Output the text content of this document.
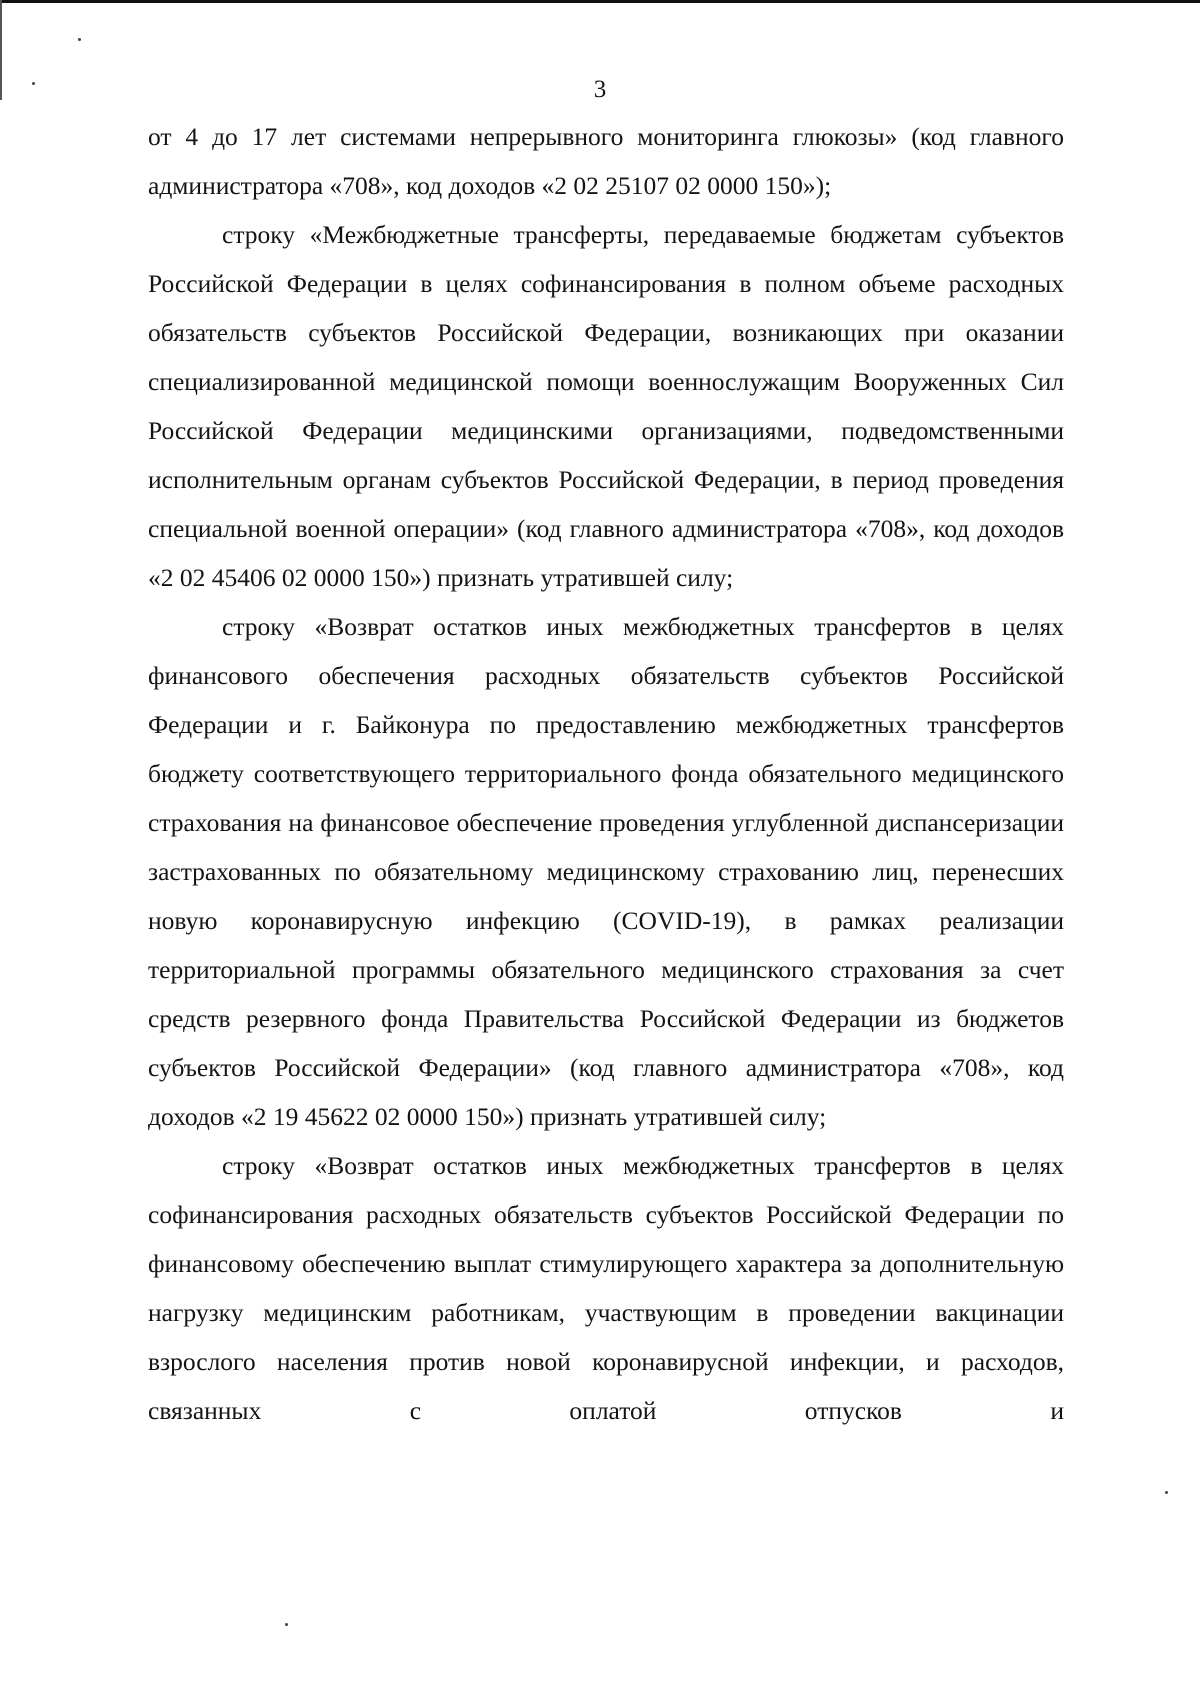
3

от 4 до 17 лет системами непрерывного мониторинга глюкозы» (код главного администратора «708», код доходов «2 02 25107 02 0000 150»);

строку «Межбюджетные трансферты, передаваемые бюджетам субъектов Российской Федерации в целях софинансирования в полном объеме расходных обязательств субъектов Российской Федерации, возникающих при оказании специализированной медицинской помощи военнослужащим Вооруженных Сил Российской Федерации медицинскими организациями, подведомственными исполнительным органам субъектов Российской Федерации, в период проведения специальной военной операции» (код главного администратора «708», код доходов «2 02 45406 02 0000 150») признать утратившей силу;

строку «Возврат остатков иных межбюджетных трансфертов в целях финансового обеспечения расходных обязательств субъектов Российской Федерации и г. Байконура по предоставлению межбюджетных трансфертов бюджету соответствующего территориального фонда обязательного медицинского страхования на финансовое обеспечение проведения углубленной диспансеризации застрахованных по обязательному медицинскому страхованию лиц, перенесших новую коронавирусную инфекцию (COVID-19), в рамках реализации территориальной программы обязательного медицинского страхования за счет средств резервного фонда Правительства Российской Федерации из бюджетов субъектов Российской Федерации» (код главного администратора «708», код доходов «2 19 45622 02 0000 150») признать утратившей силу;

строку «Возврат остатков иных межбюджетных трансфертов в целях софинансирования расходных обязательств субъектов Российской Федерации по финансовому обеспечению выплат стимулирующего характера за дополнительную нагрузку медицинским работникам, участвующим в проведении вакцинации взрослого населения против новой коронавирусной инфекции, и расходов, связанных с оплатой отпусков и
